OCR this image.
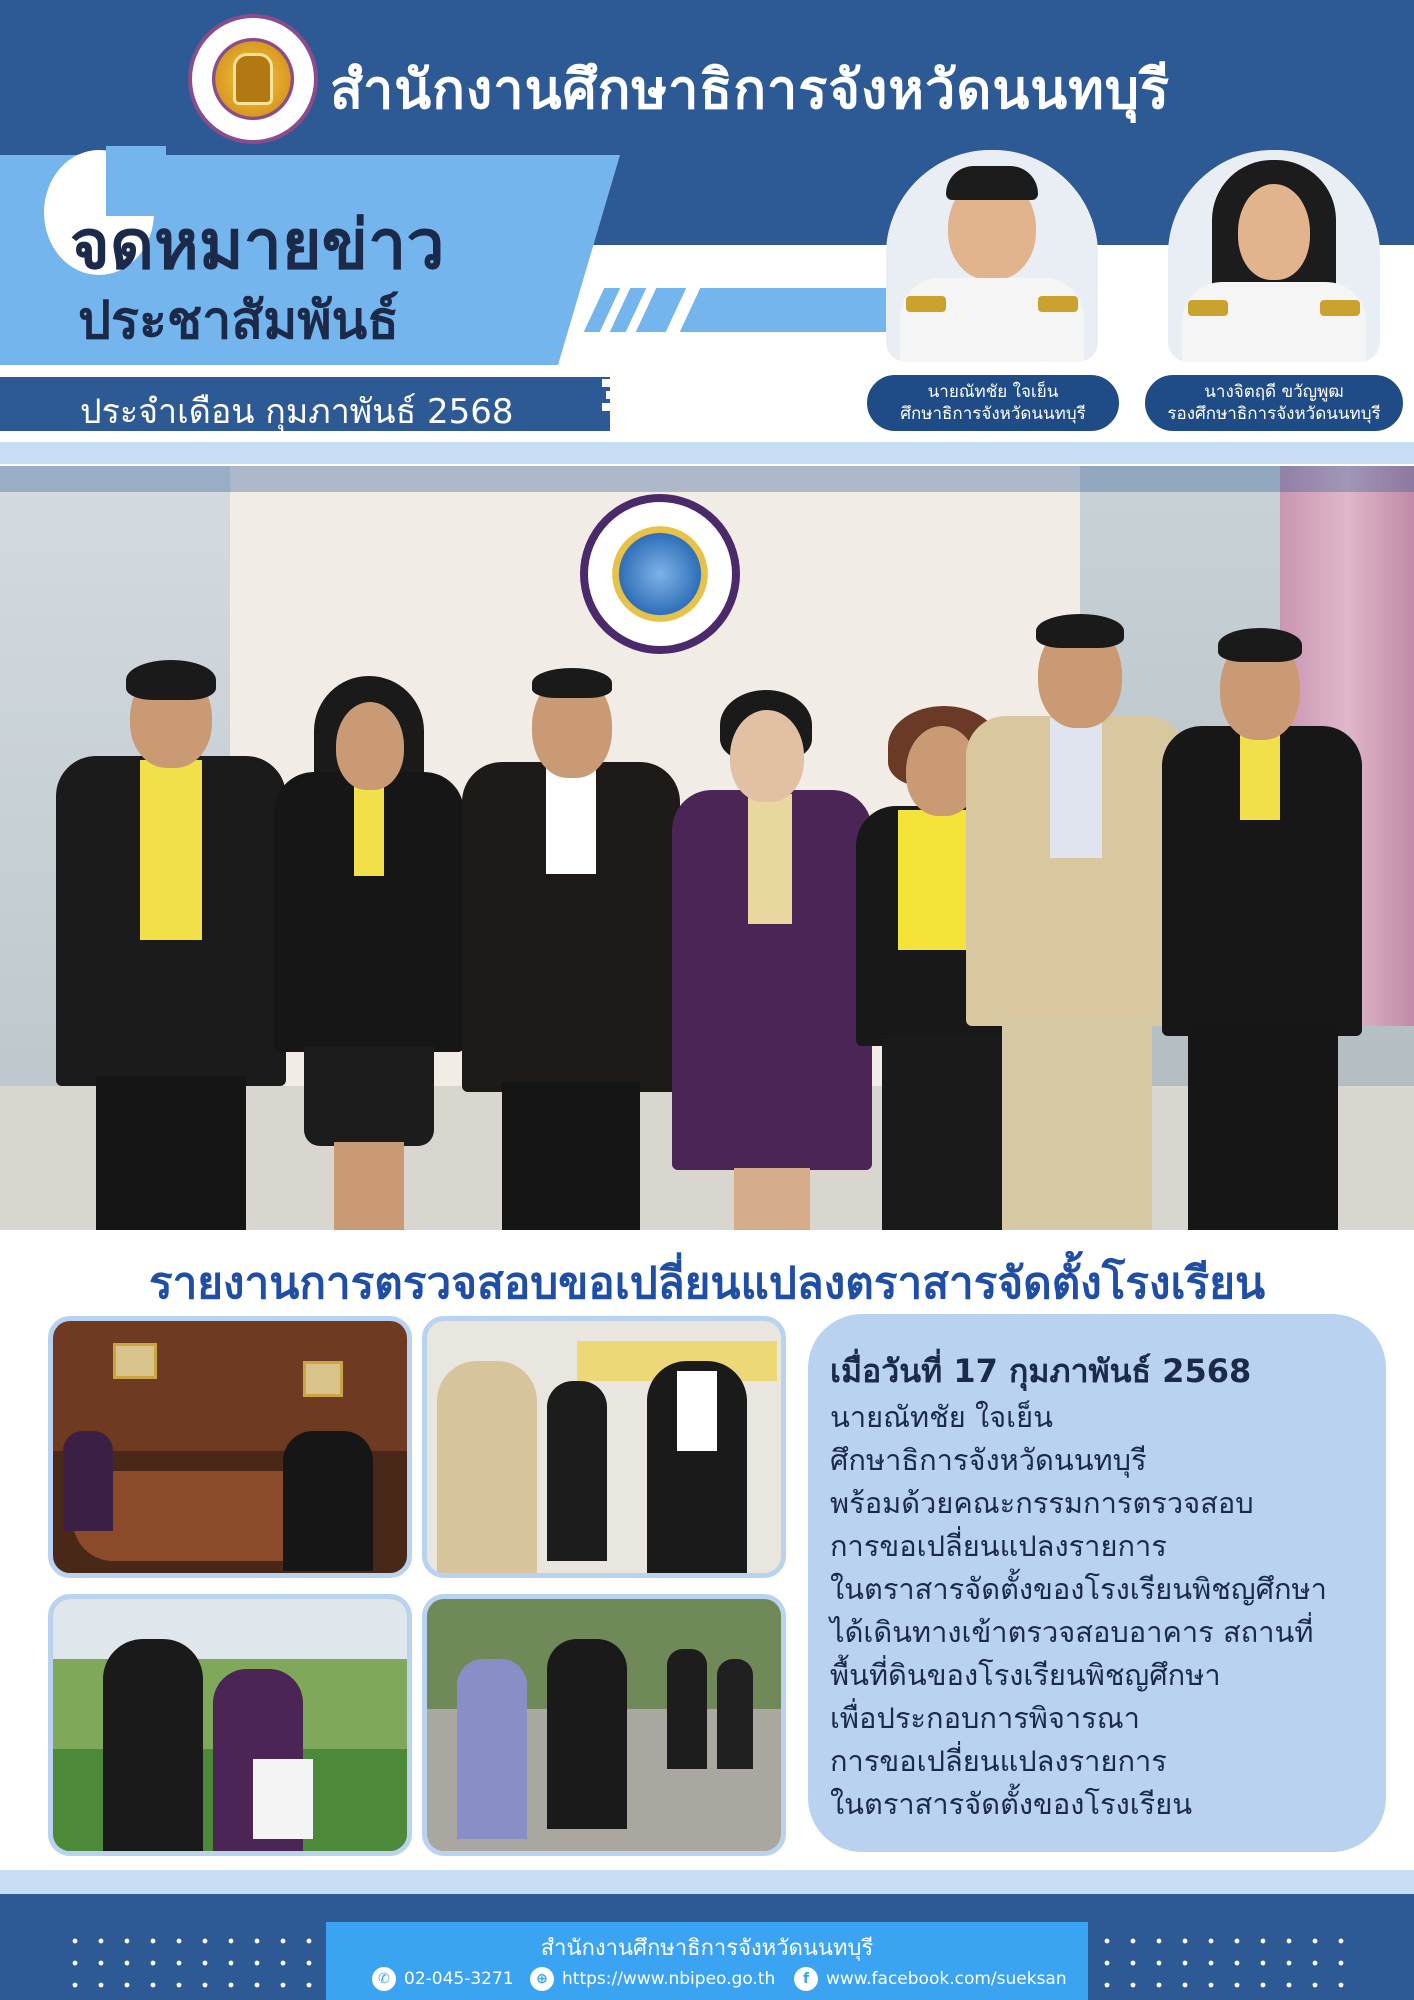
สำนักงานศึกษาธิการจังหวัดนนทบุรี
จดหมายข่าว
ประชาสัมพันธ์
ประจำเดือน กุมภาพันธ์ 2568	นายณัทชัย ใจเย็น
ศึกษาธิการจังหวัดนนทบุรี
นางจิตฤดี ขวัญพูฒ
รองศึกษาธิการจังหวัดนนทบุรี
รายงานการตรวจสอบขอเปลี่ยนแปลงตราสารจัดตั้งโรงเรียน
เมื่อวันที่ 17 กุมภาพันธ์ 2568
นายณัทชัย ใจเย็น
ศึกษาธิการจังหวัดนนทบุรี
พร้อมด้วยคณะกรรมการตรวจสอบ
การขอเปลี่ยนแปลงรายการ
ในตราสารจัดตั้งของโรงเรียนพิชญศึกษา
ได้เดินทางเข้าตรวจสอบอาคาร สถานที่
พื้นที่ดินของโรงเรียนพิชญศึกษา
เพื่อประกอบการพิจารณา
การขอเปลี่ยนแปลงรายการ
ในตราสารจัดตั้งของโรงเรียน
สำนักงานศึกษาธิการจังหวัดนนทบุรี
✆ 02-045-3271	⊕ https://www.nbipeo.go.th	f www.facebook.com/sueksan
